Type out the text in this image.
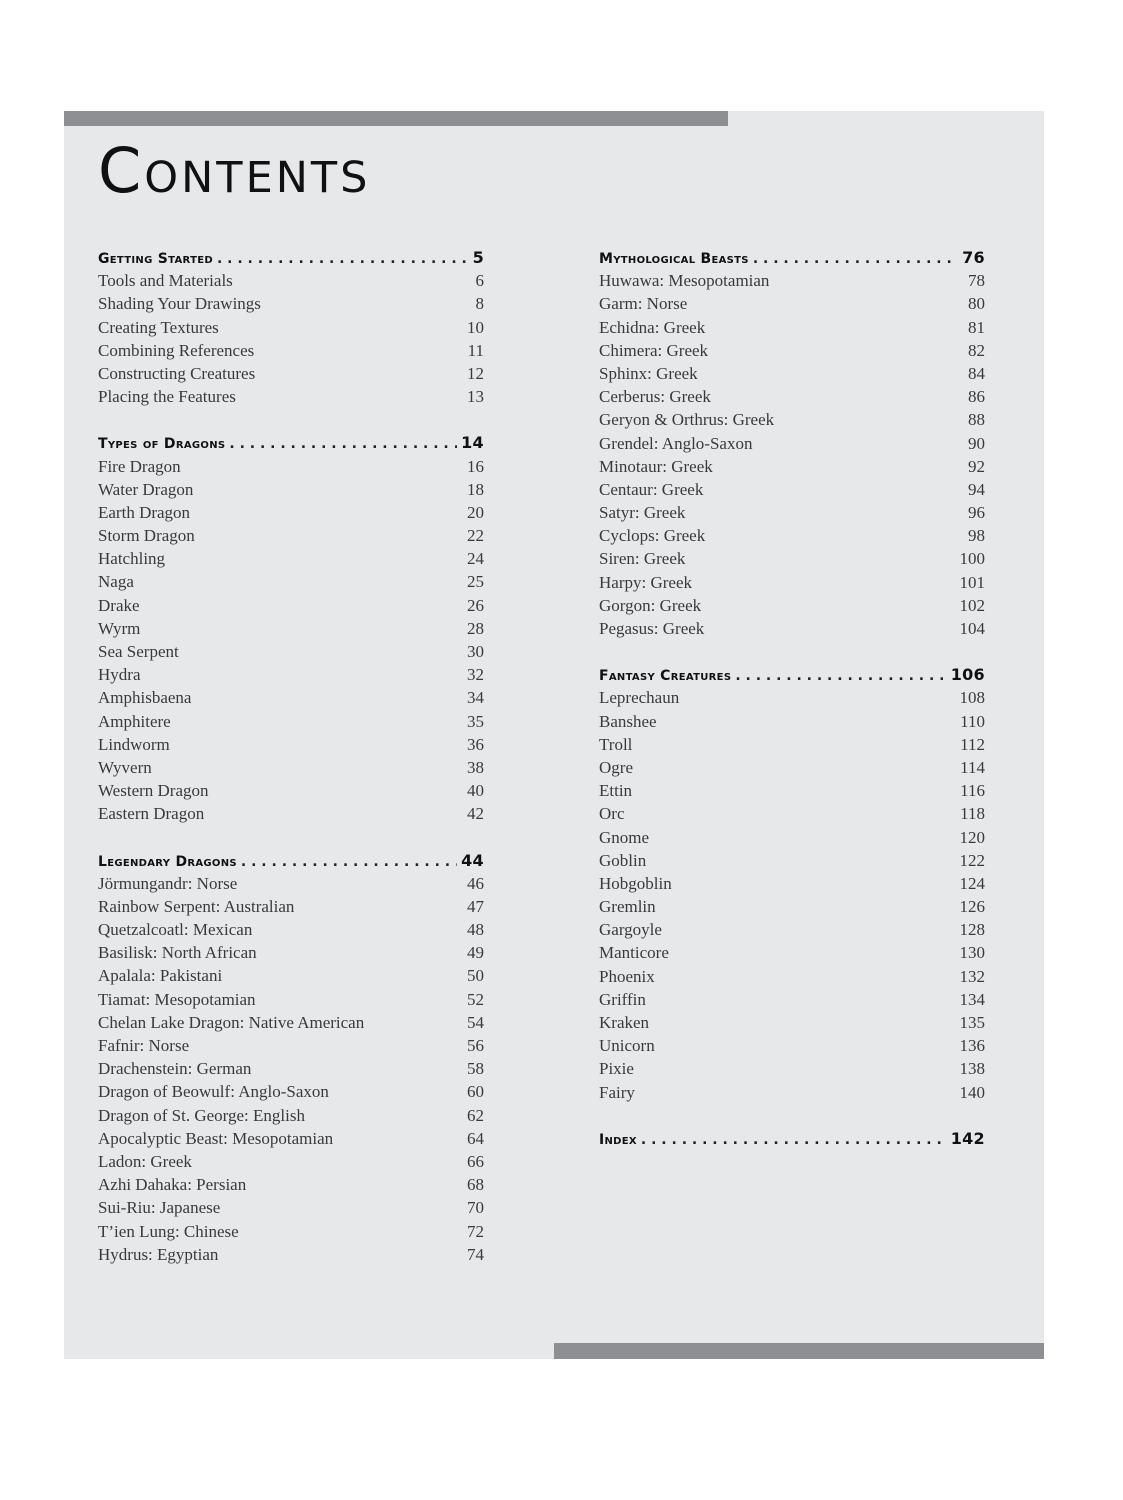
Contents
Getting Started . . .	5
Tools and Materials	6
Shading Your Drawings	8
Creating Textures	10
Combining References	11
Constructing Creatures	12
Placing the Features	13
Types of Dragons . . .	14
Fire Dragon	16
Water Dragon	18
Earth Dragon	20
Storm Dragon	22
Hatchling	24
Naga	25
Drake	26
Wyrm	28
Sea Serpent	30
Hydra	32
Amphisbaena	34
Amphitere	35
Lindworm	36
Wyvern	38
Western Dragon	40
Eastern Dragon	42
Legendary Dragons . . .	44
Jörmungandr: Norse	46
Rainbow Serpent: Australian	47
Quetzalcoatl: Mexican	48
Basilisk: North African	49
Apalala: Pakistani	50
Tiamat: Mesopotamian	52
Chelan Lake Dragon: Native American	54
Fafnir: Norse	56
Drachenstein: German	58
Dragon of Beowulf: Anglo-Saxon	60
Dragon of St. George: English	62
Apocalyptic Beast: Mesopotamian	64
Ladon: Greek	66
Azhi Dahaka: Persian	68
Sui-Riu: Japanese	70
T’ien Lung: Chinese	72
Hydrus: Egyptian	74
Mythological Beasts . . .	76
Huwawa: Mesopotamian	78
Garm: Norse	80
Echidna: Greek	81
Chimera: Greek	82
Sphinx: Greek	84
Cerberus: Greek	86
Geryon & Orthrus: Greek	88
Grendel: Anglo-Saxon	90
Minotaur: Greek	92
Centaur: Greek	94
Satyr: Greek	96
Cyclops: Greek	98
Siren: Greek	100
Harpy: Greek	101
Gorgon: Greek	102
Pegasus: Greek	104
Fantasy Creatures . . .	106
Leprechaun	108
Banshee	110
Troll	112
Ogre	114
Ettin	116
Orc	118
Gnome	120
Goblin	122
Hobgoblin	124
Gremlin	126
Gargoyle	128
Manticore	130
Phoenix	132
Griffin	134
Kraken	135
Unicorn	136
Pixie	138
Fairy	140
Index . . .	142
